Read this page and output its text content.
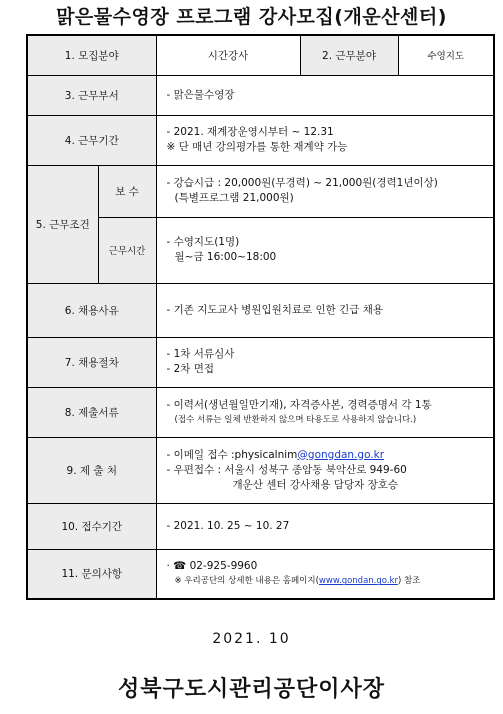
맑은물수영장 프로그램 강사모집(개운산센터)
1. 모집분야		시간강사	2. 근무분야	수영지도
3. 근무부서		- 맑은물수영장		

4. 근무기간		- 2021. 재계장운영시부터 ~ 12.31
※ 단 매년 강의평가를 통한 재계약 가능		

5. 근무조건	보 수	- 강습시급 : 20,000원(무경력) ~ 21,000원(경력1년이상)
(특별프로그램 21,000원)		

	근무시간	- 수영지도(1명)
월~금 16:00~18:00		

6. 채용사유		- 기존 지도교사 병원입원치료로 인한 긴급 채용		

7. 채용절차		- 1차 서류심사
- 2차 면접		

8. 제출서류		- 이력서(생년월일만기재), 자격증사본, 경력증명서 각 1통
(접수 서류는 일체 반환하지 않으며 타용도로 사용하지 않습니다.)		

9. 제 출 처		- 이메일 접수 :physicalnim@gongdan.go.kr
- 우편접수 : 서울시 성북구 종암동 북악산로 949-60
개운산 센터 강사채용 담당자 장호승		

10. 접수기간		- 2021. 10. 25 ~ 10. 27		

11. 문의사항		· ☎ 02-925-9960
※ 우리공단의 상세한 내용은 홈페이지(www.gondan.go.kr) 참조		
2021. 10
성북구도시관리공단이사장
